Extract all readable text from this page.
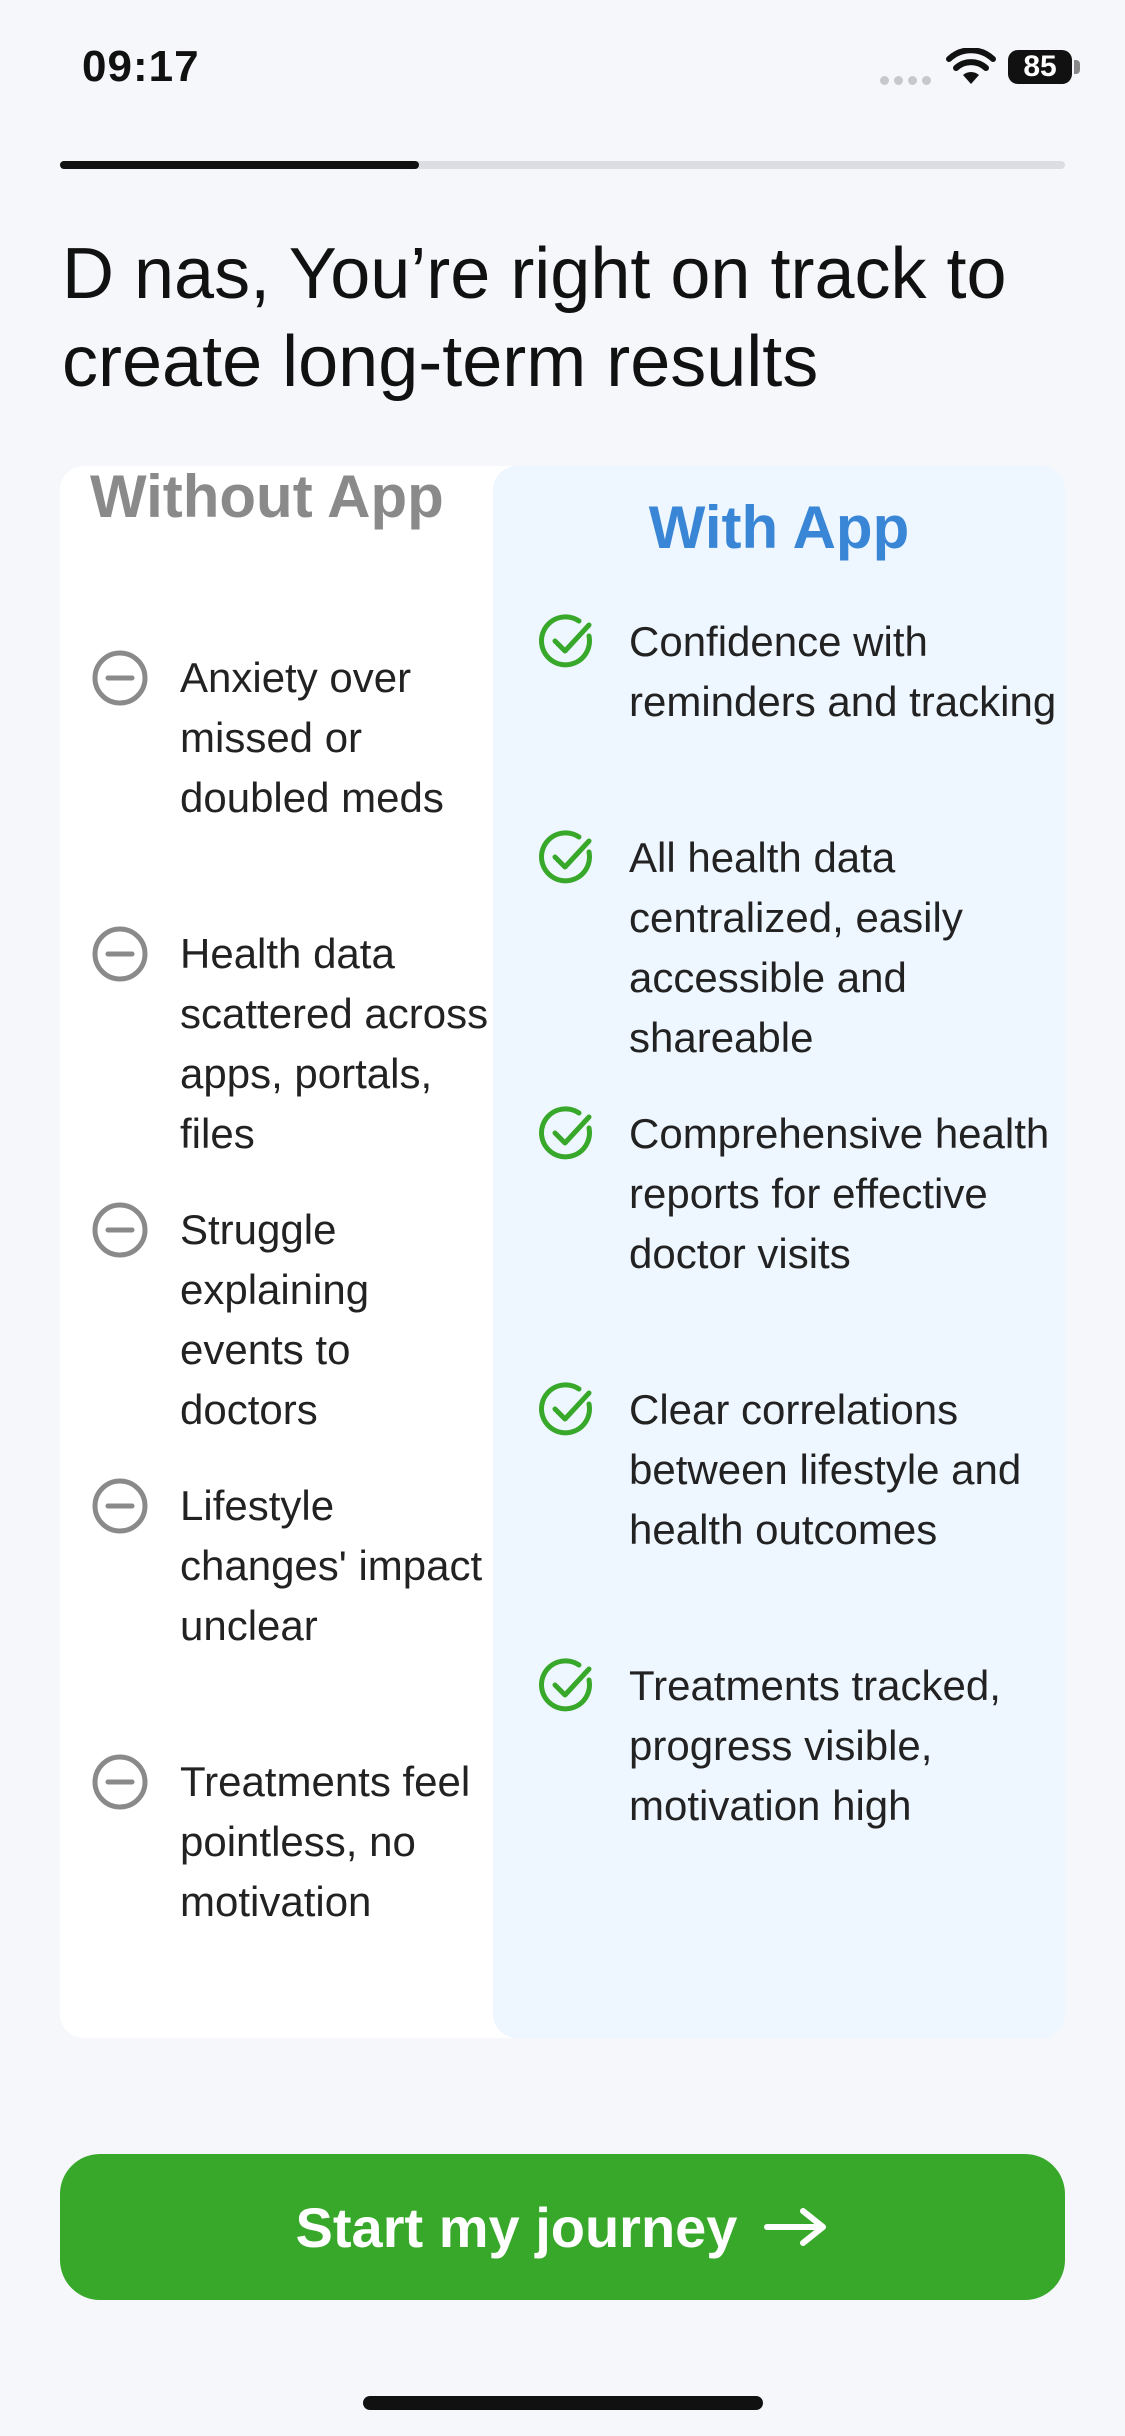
09:17	85
D nas, You’re right on track to create long-term results
Without App
Anxiety over missed or doubled meds
Health data scattered across apps, portals, files
Struggle explaining events to doctors
Lifestyle changes' impact unclear
Treatments feel pointless, no motivation
With App
Confidence with reminders and tracking
All health data centralized, easily accessible and shareable
Comprehensive health reports for effective doctor visits
Clear correlations between lifestyle and health outcomes
Treatments tracked, progress visible, motivation high
Start my journey
